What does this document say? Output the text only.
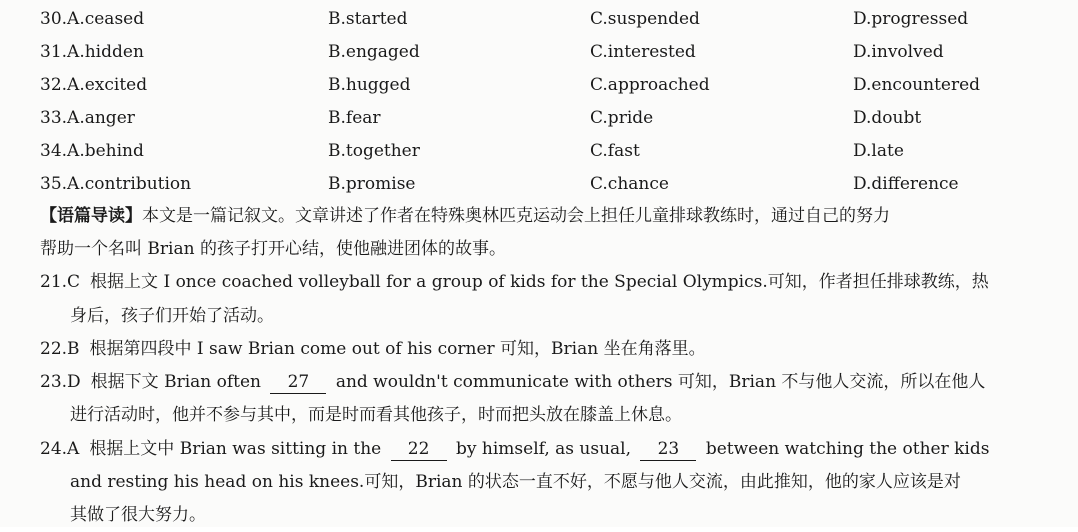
30.A.ceased	B.started	C.suspended	D.progressed
31.A.hidden	B.engaged	C.interested	D.involved
32.A.excited	B.hugged	C.approached	D.encountered
33.A.anger	B.fear	C.pride	D.doubt
34.A.behind	B.together	C.fast	D.late
35.A.contribution	B.promise	C.chance	D.difference
【语篇导读】本文是一篇记叙文。文章讲述了作者在特殊奥林匹克运动会上担任儿童排球教练时，通过自己的努力
帮助一个名叫 Brian 的孩子打开心结，使他融进团体的故事。
21.C 根据上文 I once coached volleyball for a group of kids for the Special Olympics.可知，作者担任排球教练，热
身后，孩子们开始了活动。
22.B 根据第四段中 I saw Brian come out of his corner 可知，Brian 坐在角落里。
23.D 根据下文 Brian often 27 and wouldn't communicate with others 可知，Brian 不与他人交流，所以在他人
进行活动时，他并不参与其中，而是时而看其他孩子，时而把头放在膝盖上休息。
24.A 根据上文中 Brian was sitting in the 22 by himself, as usual, 23 between watching the other kids
and resting his head on his knees.可知，Brian 的状态一直不好，不愿与他人交流，由此推知，他的家人应该是对
其做了很大努力。
